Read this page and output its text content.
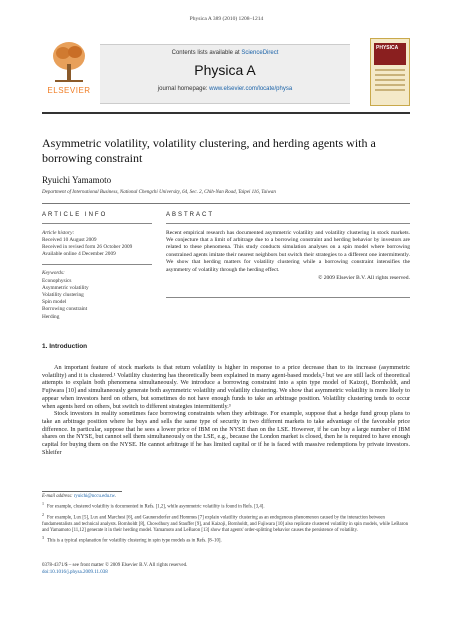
Physica A 389 (2010) 1208–1214
ELSEVIER
Contents lists available at ScienceDirect
Physica A
journal homepage: www.elsevier.com/locate/physa
PHYSICA
Asymmetric volatility, volatility clustering, and herding agents with a borrowing constraint
Ryuichi Yamamoto
Department of International Business, National Chengchi University, 64, Sec. 2, Chih-Nan Road, Taipei 116, Taiwan
ARTICLE INFO
Article history:
Received 10 August 2009
Received in revised form 26 October 2009
Available online 4 December 2009
Keywords:
Econophysics
Asymmetric volatility
Volatility clustering
Spin model
Borrowing constraint
Herding
ABSTRACT
Recent empirical research has documented asymmetric volatility and volatility clustering in stock markets. We conjecture that a limit of arbitrage due to a borrowing constraint and herding behavior by investors are related to these phenomena. This study conducts simulation analyses on a spin model where borrowing constrained agents imitate their nearest neighbors but switch their strategies to a different one intermittently. We show that herding matters for volatility clustering while a borrowing constraint intensifies the asymmetry of volatility through the herding effect.
© 2009 Elsevier B.V. All rights reserved.
1. Introduction

An important feature of stock markets is that return volatility is higher in response to a price decrease than to its increase (asymmetric volatility) and it is clustered.¹ Volatility clustering has theoretically been explained in many agent-based models,² but we are still lack of theoretical attempts to explain both phenomena simultaneously. We introduce a borrowing constraint into a spin type model of Kaizoji, Bornholdt, and Fujiwara [10] and simultaneously generate both asymmetric volatility and volatility clustering. We show that asymmetric volatility is more likely to appear when investors herd on others, but sometimes do not have enough funds to take an arbitrage position. Volatility clustering tends to occur when agents herd on others, but switch to different strategies intermittently.³

Stock investors in reality sometimes face borrowing constraints when they arbitrage. For example, suppose that a hedge fund group plans to take an arbitrage position where he buys and sells the same type of security in two different markets to take advantage of the favorable price difference. In particular, suppose that he sees a lower price of IBM on the NYSE than on the LSE. However, if he can buy a large number of IBM shares on the NYSE, but cannot sell them simultaneously on the LSE, e.g., because the London market is closed, then he is required to have enough capital for buying them on the NYSE. He cannot arbitrage if he has limited capital or if he is faced with massive redemptions by private investors. Shleifer

E-mail address: ryuichi@nccu.edu.tw.
$^1$For example, clustered volatility is documented in Refs. [1,2], while asymmetric volatility is found in Refs. [3,4].
$^2$For example, Lux [5], Lux and Marchesi [6], and Gaunersdorfer and Hommes [7] explain volatility clustering as an endogenous phenomenon caused by the interaction between fundamentalists and technical analysts. Bornholdt [8], Chowdhury and Stauffer [9], and Kaizoji, Bornholdt, and Fujiwara [10] also replicate clustered volatility in spin models, while LeBaron and Yamamoto [11,12] generate it in their herding model. Yamamoto and LeBaron [13] show that agents' order-splitting behavior causes the persistence of volatility.
$^3$This is a typical explanation for volatility clustering in spin type models as in Refs. [8–10].
0378-4371/$ – see front matter © 2009 Elsevier B.V. All rights reserved.
doi:10.1016/j.physa.2009.11.038
